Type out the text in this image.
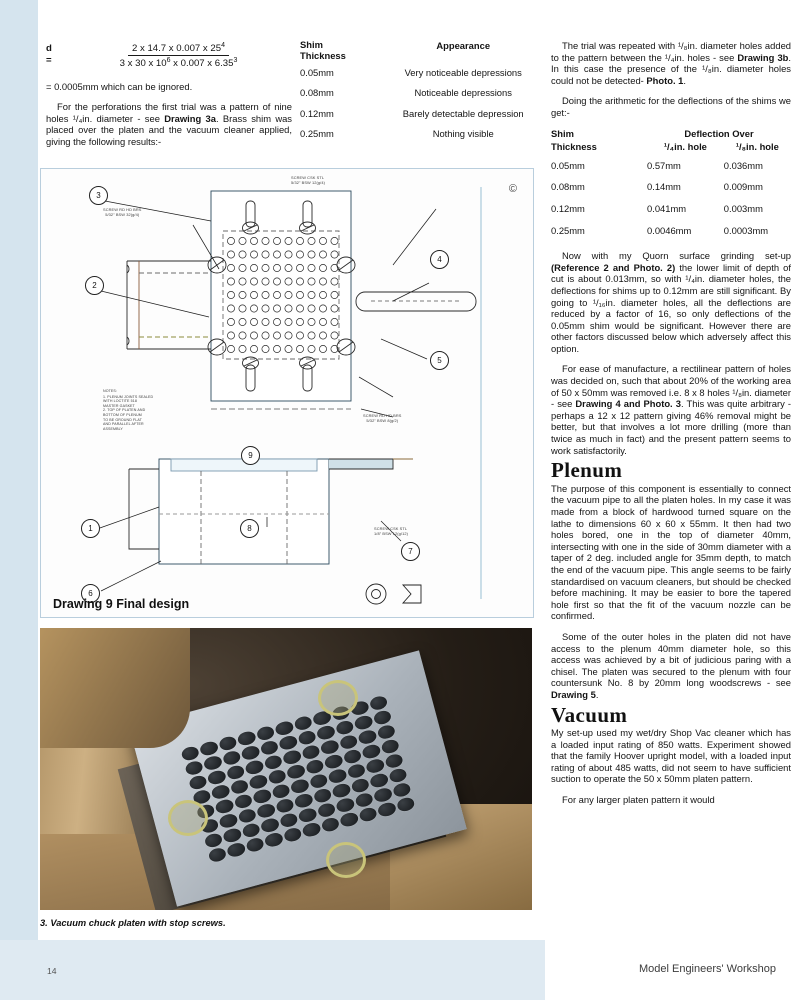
d =	$\frac{2 x 14.7 x 0.007 x 25^4}{3 x 30 x 10^6 x 0.007 x 6.35^3}$

= 0.0005mm which can be ignored.

For the perforations the first trial was a pattern of nine holes ¹/₄in. diameter - see Drawing 3a. Brass shim was placed over the platen and the vacuum cleaner applied, giving the following results:-

Shim
Thickness	Appearance
0.05mm	Very noticeable depressions
0.08mm	Noticeable depressions
0.12mm	Barely detectable depression
0.25mm	Nothing visible

The trial was repeated with ¹/₈in. diameter holes added to the pattern between the ¹/₄in. holes - see Drawing 3b. In this case the presence of the ¹/₈in. diameter holes could not be detected- Photo. 1.

Doing the arithmetic for the deflections of the shims we get:-

Shim	Deflection Over	
Thickness	¹/₄in. hole	¹/₈in. hole
0.05mm	0.57mm	0.036mm
0.08mm	0.14mm	0.009mm
0.12mm	0.041mm	0.003mm
0.25mm	0.0046mm	0.0003mm

Now with my Quorn surface grinding set-up (Reference 2 and Photo. 2) the lower limit of depth of cut is about 0.013mm, so with ¹/₄in. diameter holes, the deflections for shims up to 0.12mm are still significant. By going to ¹/₁₆in. diameter holes, all the deflections are reduced by a factor of 16, so only deflections of the 0.05mm shim would be significant. However there are other factors discussed below which adversely affect this option.

For ease of manufacture, a rectilinear pattern of holes was decided on, such that about 20% of the working area of 50 x 50mm was removed i.e. 8 x 8 holes ¹/₈in. diameter - see Drawing 4 and Photo. 3. This was quite arbitrary - perhaps a 12 x 12 pattern giving 46% removal might be better, but that involves a lot more drilling (more than twice as much in fact) and the present pattern seems to work satisfactorily.

Plenum

The purpose of this component is essentially to connect the vacuum pipe to all the platen holes. In my case it was made from a block of hardwood turned square on the lathe to dimensions 60 x 60 x 55mm. It then had two holes bored, one in the top of diameter 40mm, intersecting with one in the side of 30mm diameter with a taper of 2 deg. included angle for 35mm depth, to match the end of the vacuum pipe. This angle seems to be fairly standardised on vacuum cleaners, but should be checked before machining. It may be easier to bore the tapered hole first so that the fit of the vacuum nozzle can be confirmed.

Some of the outer holes in the platen did not have access to the plenum 40mm diameter hole, so this access was achieved by a bit of judicious paring with a chisel. The platen was secured to the plenum with four countersunk No. 8 by 20mm long woodscrews - see Drawing 5.

Vacuum

My set-up used my wet/dry Shop Vac cleaner which has a loaded input rating of 850 watts. Experiment showed that the family Hoover upright model, with a loaded input rating of about 485 watts, did not seem to have sufficient suction to operate the 50 x 50mm platen pattern.

For any larger platen pattern it would

3
2
4
5
9
1	8
7
6
SCREW RD HD BRS
5/32" BSW 32(g/4)
SCREW CSK STL
5/32" BSW 12(g/4)
SCREW RD HD BRS
5/32" BSW 8(g/2)
SCREW CSK STL
1/8" BSW 12(g/12)
NOTES:
1. PLENUM JOINTS SEALED
WITH LOCTITE 518
MASTER GASKET
2. TOP OF PLATEN AND
BOTTOM OF PLENUM
TO BE GROUND FLAT
AND PARALLEL AFTER
ASSEMBLY
©
Drawing 9 Final design
3. Vacuum chuck platen with stop screws.
14	Model Engineers' Workshop
